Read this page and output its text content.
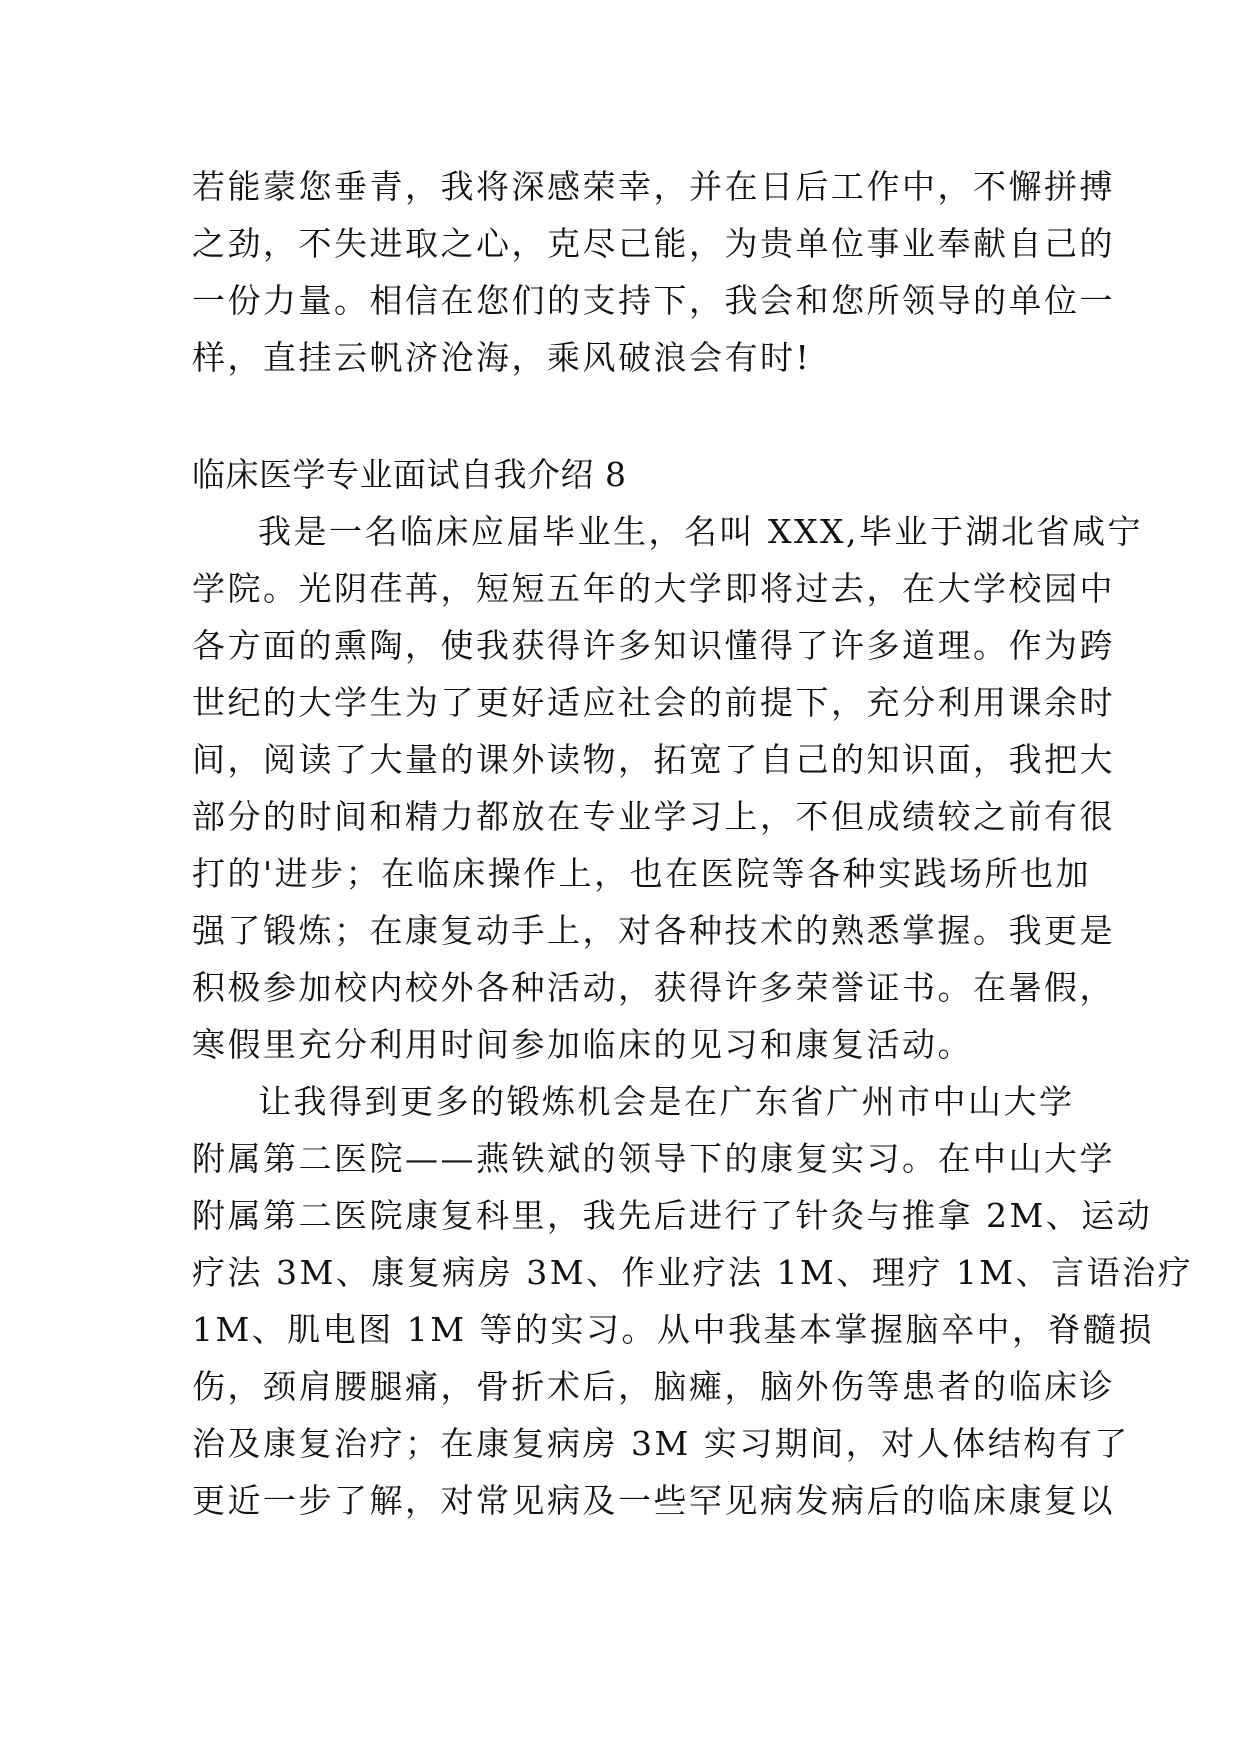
若能蒙您垂青，我将深感荣幸，并在日后工作中，不懈拼搏
之劲，不失进取之心，克尽己能，为贵单位事业奉献自己的
一份力量。相信在您们的支持下，我会和您所领导的单位一
样，直挂云帆济沧海，乘风破浪会有时!
临床医学专业面试自我介绍 8
我是一名临床应届毕业生，名叫 XXX,毕业于湖北省咸宁
学院。光阴荏苒，短短五年的大学即将过去，在大学校园中
各方面的熏陶，使我获得许多知识懂得了许多道理。作为跨
世纪的大学生为了更好适应社会的前提下，充分利用课余时
间，阅读了大量的课外读物，拓宽了自己的知识面，我把大
部分的时间和精力都放在专业学习上，不但成绩较之前有很
打的'进步；在临床操作上，也在医院等各种实践场所也加
强了锻炼；在康复动手上，对各种技术的熟悉掌握。我更是
积极参加校内校外各种活动，获得许多荣誉证书。在暑假，
寒假里充分利用时间参加临床的见习和康复活动。
让我得到更多的锻炼机会是在广东省广州市中山大学
附属第二医院——燕铁斌的领导下的康复实习。在中山大学
附属第二医院康复科里，我先后进行了针灸与推拿 2M、运动
疗法 3M、康复病房 3M、作业疗法 1M、理疗 1M、言语治疗
1M、肌电图 1M 等的实习。从中我基本掌握脑卒中，脊髓损
伤，颈肩腰腿痛，骨折术后，脑瘫，脑外伤等患者的临床诊
治及康复治疗；在康复病房 3M 实习期间，对人体结构有了
更近一步了解，对常见病及一些罕见病发病后的临床康复以
